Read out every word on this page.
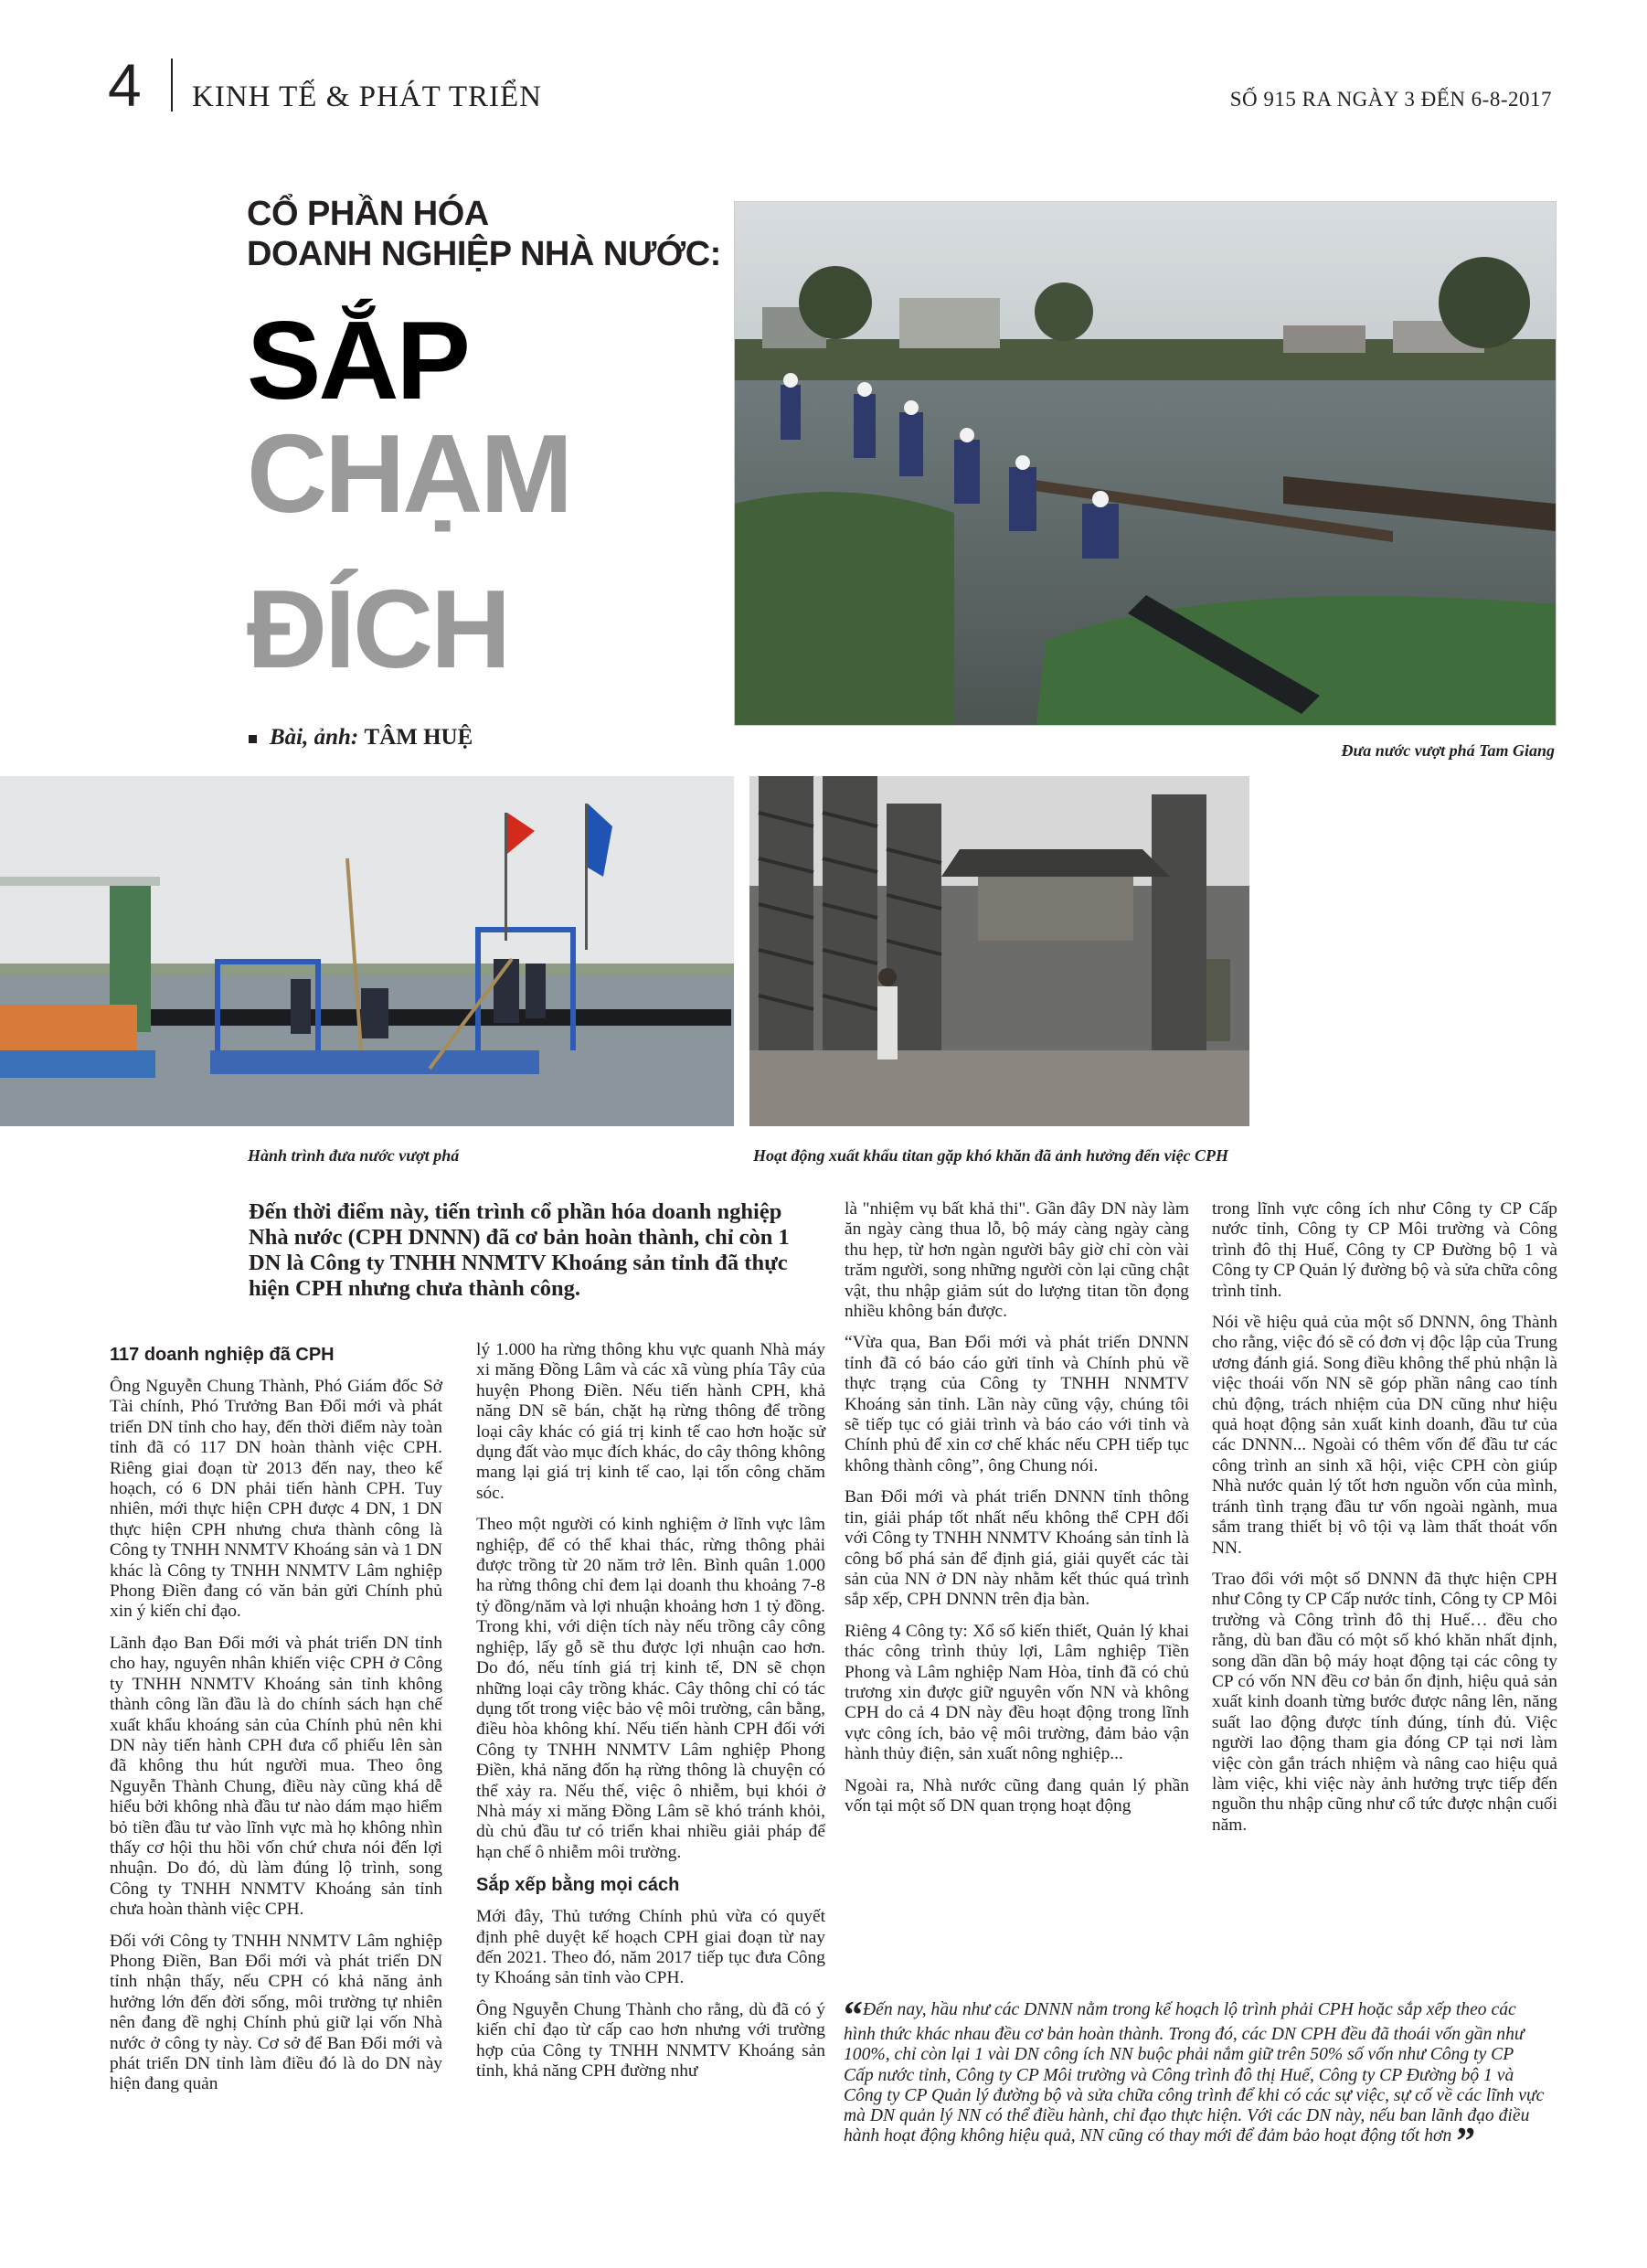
4 KINH TẾ & PHÁT TRIỂN	SỐ 915 RA NGÀY 3 ĐẾN 6-8-2017
CỔ PHẦN HÓA
DOANH NGHIỆP NHÀ NƯỚC:
SẮP
CHẠM
ĐÍCH
Bài, ảnh: TÂM HUỆ
Đưa nước vượt phá Tam Giang
Hành trình đưa nước vượt phá	Hoạt động xuất khẩu titan gặp khó khăn đã ảnh hưởng đến việc CPH
Đến thời điểm này, tiến trình cổ phần hóa doanh nghiệp Nhà nước (CPH DNNN) đã cơ bản hoàn thành, chỉ còn 1 DN là Công ty TNHH NNMTV Khoáng sản tỉnh đã thực hiện CPH nhưng chưa thành công.
117 doanh nghiệp đã CPH

Ông Nguyễn Chung Thành, Phó Giám đốc Sở Tài chính, Phó Trưởng Ban Đổi mới và phát triển DN tỉnh cho hay, đến thời điểm này toàn tỉnh đã có 117 DN hoàn thành việc CPH. Riêng giai đoạn từ 2013 đến nay, theo kế hoạch, có 6 DN phải tiến hành CPH. Tuy nhiên, mới thực hiện CPH được 4 DN, 1 DN thực hiện CPH nhưng chưa thành công là Công ty TNHH NNMTV Khoáng sản và 1 DN khác là Công ty TNHH NNMTV Lâm nghiệp Phong Điền đang có văn bản gửi Chính phủ xin ý kiến chỉ đạo.

Lãnh đạo Ban Đổi mới và phát triển DN tỉnh cho hay, nguyên nhân khiến việc CPH ở Công ty TNHH NNMTV Khoáng sản tỉnh không thành công lần đầu là do chính sách hạn chế xuất khẩu khoáng sản của Chính phủ nên khi DN này tiến hành CPH đưa cổ phiếu lên sàn đã không thu hút người mua. Theo ông Nguyễn Thành Chung, điều này cũng khá dễ hiểu bởi không nhà đầu tư nào dám mạo hiểm bỏ tiền đầu tư vào lĩnh vực mà họ không nhìn thấy cơ hội thu hồi vốn chứ chưa nói đến lợi nhuận. Do đó, dù làm đúng lộ trình, song Công ty TNHH NNMTV Khoáng sản tỉnh chưa hoàn thành việc CPH.

Đối với Công ty TNHH NNMTV Lâm nghiệp Phong Điền, Ban Đổi mới và phát triển DN tỉnh nhận thấy, nếu CPH có khả năng ảnh hưởng lớn đến đời sống, môi trường tự nhiên nên đang đề nghị Chính phủ giữ lại vốn Nhà nước ở công ty này. Cơ sở để Ban Đổi mới và phát triển DN tỉnh làm điều đó là do DN này hiện đang quản

lý 1.000 ha rừng thông khu vực quanh Nhà máy xi măng Đồng Lâm và các xã vùng phía Tây của huyện Phong Điền. Nếu tiến hành CPH, khả năng DN sẽ bán, chặt hạ rừng thông để trồng loại cây khác có giá trị kinh tế cao hơn hoặc sử dụng đất vào mục đích khác, do cây thông không mang lại giá trị kinh tế cao, lại tốn công chăm sóc.

Theo một người có kinh nghiệm ở lĩnh vực lâm nghiệp, để có thể khai thác, rừng thông phải được trồng từ 20 năm trở lên. Bình quân 1.000 ha rừng thông chỉ đem lại doanh thu khoảng 7-8 tỷ đồng/năm và lợi nhuận khoảng hơn 1 tỷ đồng. Trong khi, với diện tích này nếu trồng cây công nghiệp, lấy gỗ sẽ thu được lợi nhuận cao hơn. Do đó, nếu tính giá trị kinh tế, DN sẽ chọn những loại cây trồng khác. Cây thông chỉ có tác dụng tốt trong việc bảo vệ môi trường, cân bằng, điều hòa không khí. Nếu tiến hành CPH đối với Công ty TNHH NNMTV Lâm nghiệp Phong Điền, khả năng đốn hạ rừng thông là chuyện có thể xảy ra. Nếu thế, việc ô nhiễm, bụi khói ở Nhà máy xi măng Đồng Lâm sẽ khó tránh khỏi, dù chủ đầu tư có triển khai nhiều giải pháp để hạn chế ô nhiễm môi trường.

Sắp xếp bằng mọi cách

Mới đây, Thủ tướng Chính phủ vừa có quyết định phê duyệt kế hoạch CPH giai đoạn từ nay đến 2021. Theo đó, năm 2017 tiếp tục đưa Công ty Khoáng sản tỉnh vào CPH.

Ông Nguyễn Chung Thành cho rằng, dù đã có ý kiến chỉ đạo từ cấp cao hơn nhưng với trường hợp của Công ty TNHH NNMTV Khoáng sản tỉnh, khả năng CPH đường như

là "nhiệm vụ bất khả thi". Gần đây DN này làm ăn ngày càng thua lỗ, bộ máy càng ngày càng thu hẹp, từ hơn ngàn người bây giờ chỉ còn vài trăm người, song những người còn lại cũng chật vật, thu nhập giảm sút do lượng titan tồn đọng nhiều không bán được.

“Vừa qua, Ban Đổi mới và phát triển DNNN tỉnh đã có báo cáo gửi tỉnh và Chính phủ về thực trạng của Công ty TNHH NNMTV Khoáng sản tỉnh. Lần này cũng vậy, chúng tôi sẽ tiếp tục có giải trình và báo cáo với tỉnh và Chính phủ để xin cơ chế khác nếu CPH tiếp tục không thành công”, ông Chung nói.

Ban Đổi mới và phát triển DNNN tỉnh thông tin, giải pháp tốt nhất nếu không thể CPH đối với Công ty TNHH NNMTV Khoáng sản tỉnh là công bố phá sản để định giá, giải quyết các tài sản của NN ở DN này nhằm kết thúc quá trình sắp xếp, CPH DNNN trên địa bàn.

Riêng 4 Công ty: Xổ số kiến thiết, Quản lý khai thác công trình thủy lợi, Lâm nghiệp Tiền Phong và Lâm nghiệp Nam Hòa, tỉnh đã có chủ trương xin được giữ nguyên vốn NN và không CPH do cả 4 DN này đều hoạt động trong lĩnh vực công ích, bảo vệ môi trường, đảm bảo vận hành thủy điện, sản xuất nông nghiệp...

Ngoài ra, Nhà nước cũng đang quản lý phần vốn tại một số DN quan trọng hoạt động

trong lĩnh vực công ích như Công ty CP Cấp nước tỉnh, Công ty CP Môi trường và Công trình đô thị Huế, Công ty CP Đường bộ 1 và Công ty CP Quản lý đường bộ và sửa chữa công trình tỉnh.

Nói về hiệu quả của một số DNNN, ông Thành cho rằng, việc đó sẽ có đơn vị độc lập của Trung ương đánh giá. Song điều không thể phủ nhận là việc thoái vốn NN sẽ góp phần nâng cao tính chủ động, trách nhiệm của DN cũng như hiệu quả hoạt động sản xuất kinh doanh, đầu tư của các DNNN... Ngoài có thêm vốn để đầu tư các công trình an sinh xã hội, việc CPH còn giúp Nhà nước quản lý tốt hơn nguồn vốn của mình, tránh tình trạng đầu tư vốn ngoài ngành, mua sắm trang thiết bị vô tội vạ làm thất thoát vốn NN.

Trao đổi với một số DNNN đã thực hiện CPH như Công ty CP Cấp nước tỉnh, Công ty CP Môi trường và Công trình đô thị Huế… đều cho rằng, dù ban đầu có một số khó khăn nhất định, song dần dần bộ máy hoạt động tại các công ty CP có vốn NN đều cơ bản ổn định, hiệu quả sản xuất kinh doanh từng bước được nâng lên, năng suất lao động được tính đúng, tính đủ. Việc người lao động tham gia đóng CP tại nơi làm việc còn gắn trách nhiệm và nâng cao hiệu quả làm việc, khi việc này ảnh hưởng trực tiếp đến nguồn thu nhập cũng như cổ tức được nhận cuối năm.

“Đến nay, hầu như các DNNN nằm trong kế hoạch lộ trình phải CPH hoặc sắp xếp theo các hình thức khác nhau đều cơ bản hoàn thành. Trong đó, các DN CPH đều đã thoái vốn gần như 100%, chỉ còn lại 1 vài DN công ích NN buộc phải nắm giữ trên 50% số vốn như Công ty CP Cấp nước tỉnh, Công ty CP Môi trường và Công trình đô thị Huế, Công ty CP Đường bộ 1 và Công ty CP Quản lý đường bộ và sửa chữa công trình để khi có các sự việc, sự cố về các lĩnh vực mà DN quản lý NN có thể điều hành, chỉ đạo thực hiện. Với các DN này, nếu ban lãnh đạo điều hành hoạt động không hiệu quả, NN cũng có thay mới để đảm bảo hoạt động tốt hơn ”
